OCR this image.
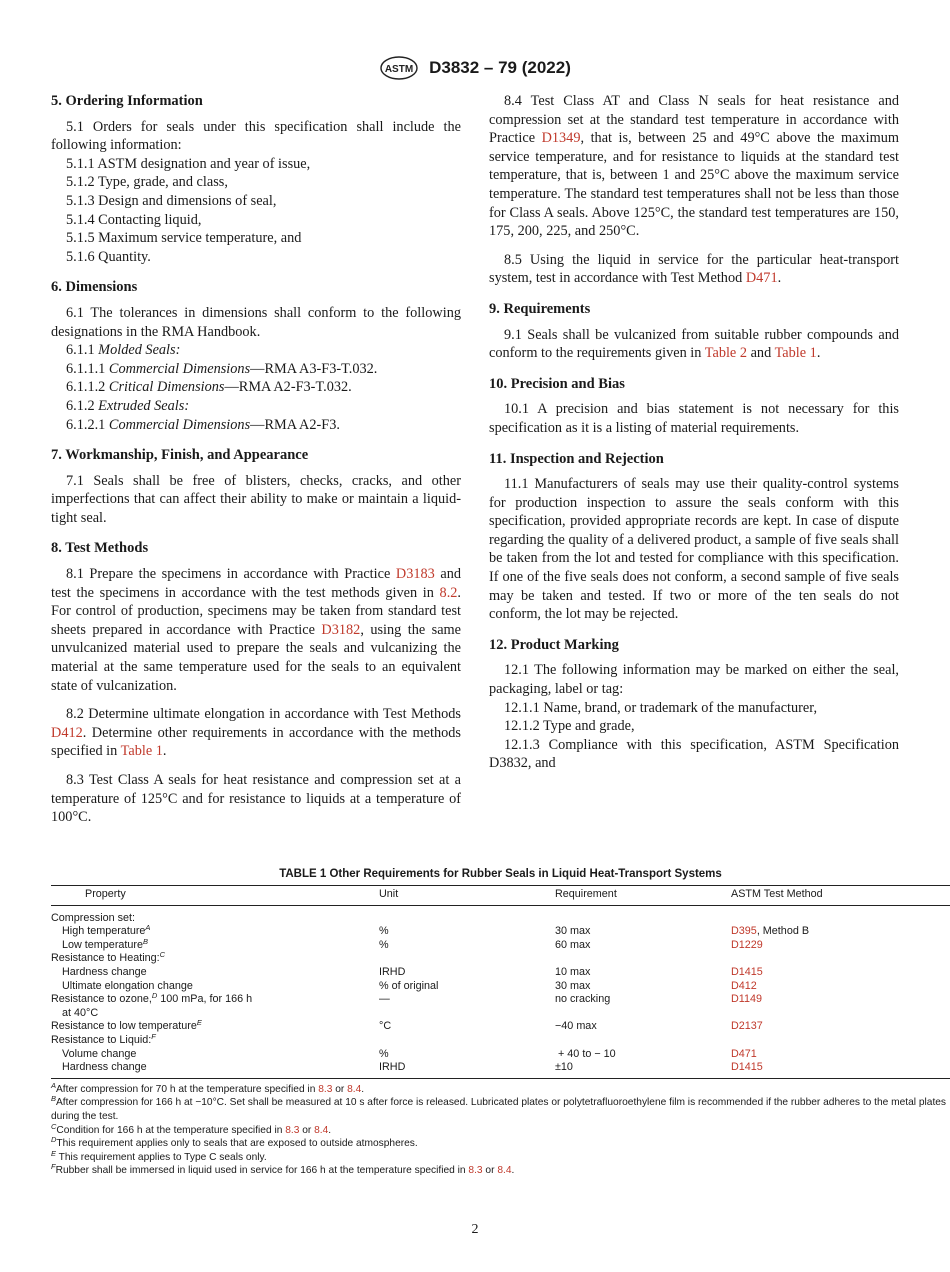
ASTM D3832 – 79 (2022)
5. Ordering Information

5.1 Orders for seals under this specification shall include the following information:

5.1.1 ASTM designation and year of issue,

5.1.2 Type, grade, and class,

5.1.3 Design and dimensions of seal,

5.1.4 Contacting liquid,

5.1.5 Maximum service temperature, and

5.1.6 Quantity.

6. Dimensions

6.1 The tolerances in dimensions shall conform to the following designations in the RMA Handbook.

6.1.1 Molded Seals:

6.1.1.1 Commercial Dimensions—RMA A3-F3-T.032.

6.1.1.2 Critical Dimensions—RMA A2-F3-T.032.

6.1.2 Extruded Seals:

6.1.2.1 Commercial Dimensions—RMA A2-F3.

7. Workmanship, Finish, and Appearance

7.1 Seals shall be free of blisters, checks, cracks, and other imperfections that can affect their ability to make or maintain a liquid-tight seal.

8. Test Methods

8.1 Prepare the specimens in accordance with Practice D3183 and test the specimens in accordance with the test methods given in 8.2. For control of production, specimens may be taken from standard test sheets prepared in accordance with Practice D3182, using the same unvulcanized material used to prepare the seals and vulcanizing the material at the same temperature used for the seals to an equivalent state of vulcanization.

8.2 Determine ultimate elongation in accordance with Test Methods D412. Determine other requirements in accordance with the methods specified in Table 1.

8.3 Test Class A seals for heat resistance and compression set at a temperature of 125°C and for resistance to liquids at a temperature of 100°C.

8.4 Test Class AT and Class N seals for heat resistance and compression set at the standard test temperature in accordance with Practice D1349, that is, between 25 and 49°C above the maximum service temperature, and for resistance to liquids at the standard test temperature, that is, between 1 and 25°C above the maximum service temperature. The standard test temperatures shall not be less than those for Class A seals. Above 125°C, the standard test temperatures are 150, 175, 200, 225, and 250°C.

8.5 Using the liquid in service for the particular heat-transport system, test in accordance with Test Method D471.

9. Requirements

9.1 Seals shall be vulcanized from suitable rubber compounds and conform to the requirements given in Table 2 and Table 1.

10. Precision and Bias

10.1 A precision and bias statement is not necessary for this specification as it is a listing of material requirements.

11. Inspection and Rejection

11.1 Manufacturers of seals may use their quality-control systems for production inspection to assure the seals conform with this specification, provided appropriate records are kept. In case of dispute regarding the quality of a delivered product, a sample of five seals shall be taken from the lot and tested for compliance with this specification. If one of the five seals does not conform, a second sample of five seals may be taken and tested. If two or more of the ten seals do not conform, the lot may be rejected.

12. Product Marking

12.1 The following information may be marked on either the seal, packaging, label or tag:

12.1.1 Name, brand, or trademark of the manufacturer,

12.1.2 Type and grade,

12.1.3 Compliance with this specification, ASTM Specification D3832, and

TABLE 1 Other Requirements for Rubber Seals in Liquid Heat-Transport Systems
Property	Unit	Requirement	ASTM Test Method
Compression set:			
High temperature$^A$	%	30 max	D395, Method B
Low temperature$^B$	%	60 max	D1229
Resistance to Heating:$^C$			
Hardness change	IRHD	10 max	D1415
Ultimate elongation change	% of original	30 max	D412
Resistance to ozone,$^D$ 100 mPa, for 166 h
at 40°C	—	no cracking	D1149
Resistance to low temperature$^E$	°C	−40 max	D2137
Resistance to Liquid:$^F$			
Volume change	%	+ 40 to − 10	D471
Hardness change	IRHD	±10	D1415
$^A$After compression for 70 h at the temperature specified in 8.3 or 8.4.
$^B$After compression for 166 h at −10°C. Set shall be measured at 10 s after force is released. Lubricated plates or polytetrafluoroethylene film is recommended if the rubber adheres to the metal plates during the test.
$^C$Condition for 166 h at the temperature specified in 8.3 or 8.4.
$^D$This requirement applies only to seals that are exposed to outside atmospheres.
$^E$ This requirement applies to Type C seals only.
$^F$Rubber shall be immersed in liquid used in service for 166 h at the temperature specified in 8.3 or 8.4.
2
